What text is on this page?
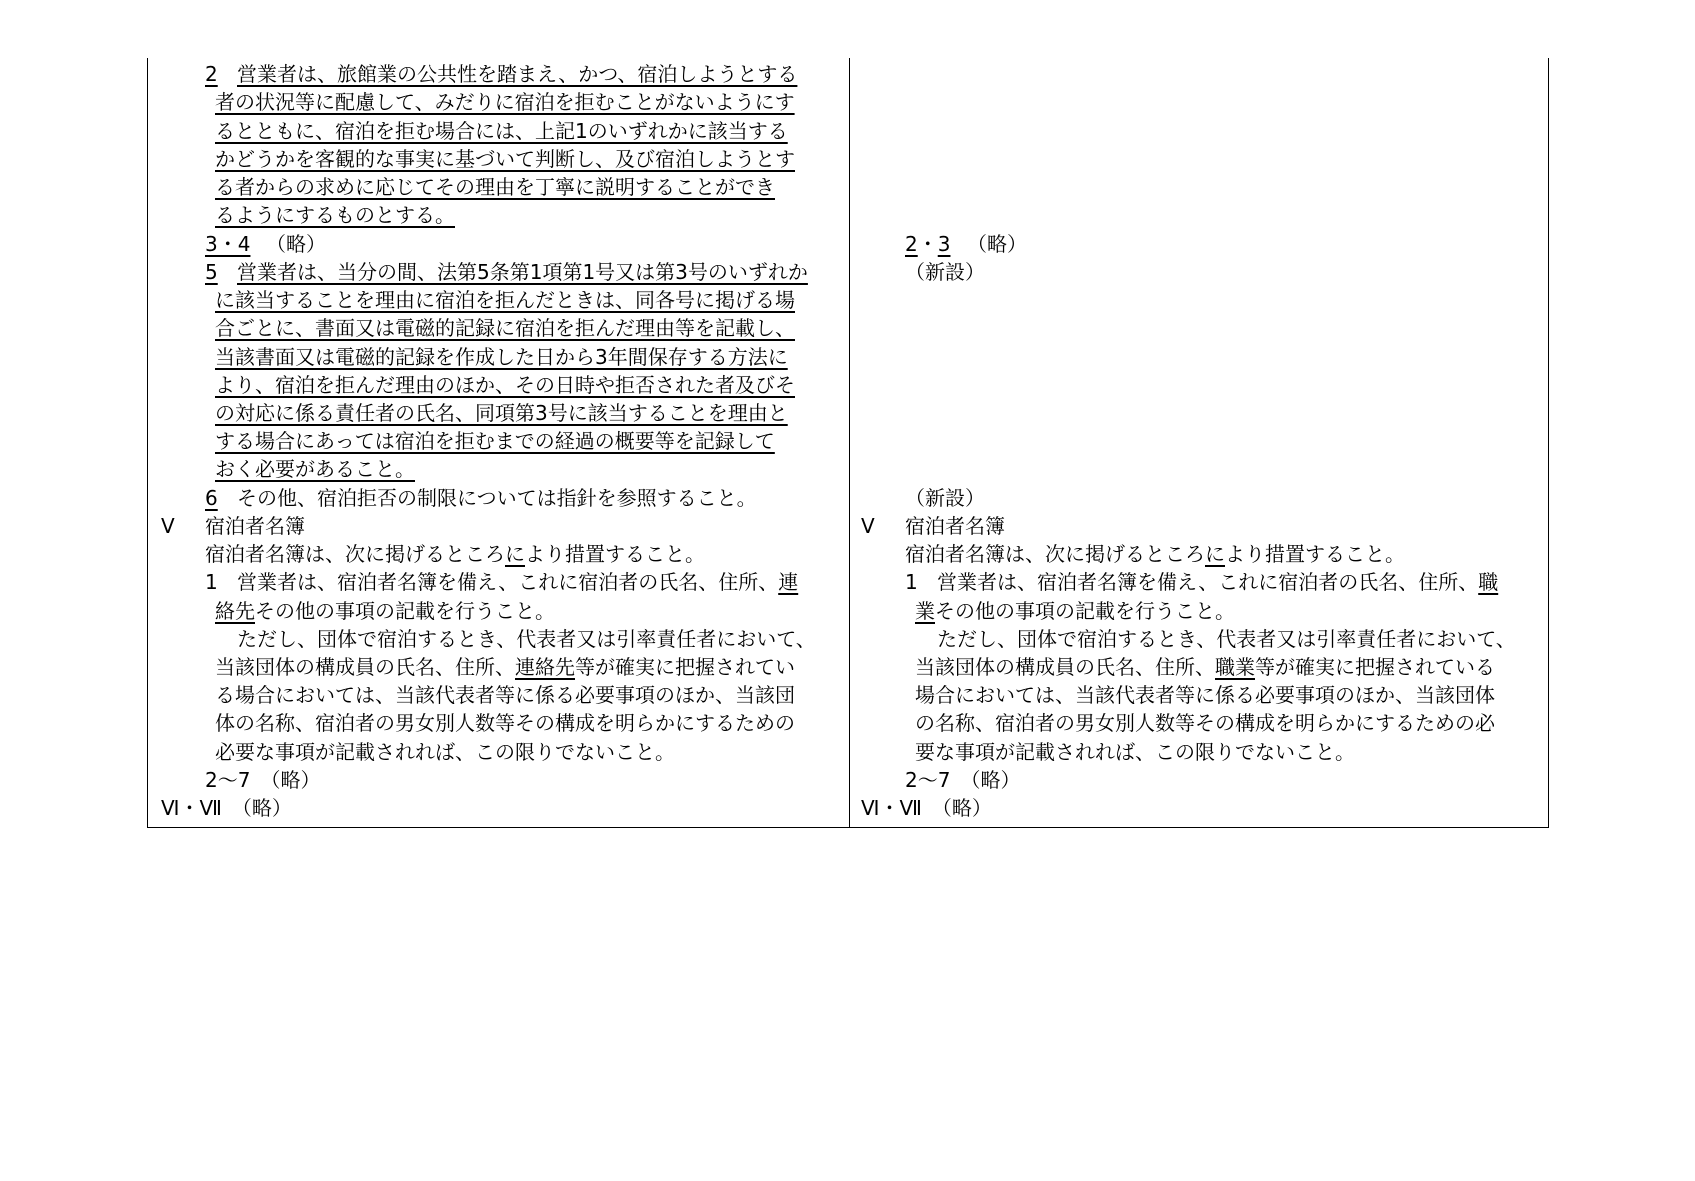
2 営業者は、旅館業の公共性を踏まえ、かつ、宿泊しようとする
者の状況等に配慮して、みだりに宿泊を拒むことがないようにす
るとともに、宿泊を拒む場合には、上記1のいずれかに該当する
かどうかを客観的な事実に基づいて判断し、及び宿泊しようとす
る者からの求めに応じてその理由を丁寧に説明することができ
るようにするものとする。
3・4 （略）
5 営業者は、当分の間、法第5条第1項第1号又は第3号のいずれか
に該当することを理由に宿泊を拒んだときは、同各号に掲げる場
合ごとに、書面又は電磁的記録に宿泊を拒んだ理由等を記載し、
当該書面又は電磁的記録を作成した日から3年間保存する方法に
より、宿泊を拒んだ理由のほか、その日時や拒否された者及びそ
の対応に係る責任者の氏名、同項第3号に該当することを理由と
する場合にあっては宿泊を拒むまでの経過の概要等を記録して
おく必要があること。
6 その他、宿泊拒否の制限については指針を参照すること。
Ⅴ 宿泊者名簿
宿泊者名簿は、次に掲げるところにより措置すること。
1 営業者は、宿泊者名簿を備え、これに宿泊者の氏名、住所、連
絡先その他の事項の記載を行うこと。
ただし、団体で宿泊するとき、代表者又は引率責任者において、
当該団体の構成員の氏名、住所、連絡先等が確実に把握されてい
る場合においては、当該代表者等に係る必要事項のほか、当該団
体の名称、宿泊者の男女別人数等その構成を明らかにするための
必要な事項が記載されれば、この限りでないこと。
2～7　（略）
Ⅵ・Ⅶ　（略）
2・3 （略）
（新設）
（新設）
Ⅴ 宿泊者名簿
宿泊者名簿は、次に掲げるところにより措置すること。
1 営業者は、宿泊者名簿を備え、これに宿泊者の氏名、住所、職
業その他の事項の記載を行うこと。
ただし、団体で宿泊するとき、代表者又は引率責任者において、
当該団体の構成員の氏名、住所、職業等が確実に把握されている
場合においては、当該代表者等に係る必要事項のほか、当該団体
の名称、宿泊者の男女別人数等その構成を明らかにするための必
要な事項が記載されれば、この限りでないこと。
2～7　（略）
Ⅵ・Ⅶ　（略）
